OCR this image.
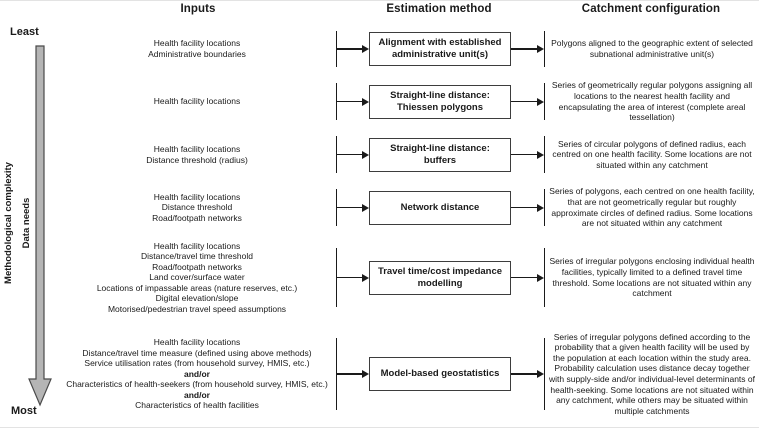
Inputs	Estimation method	Catchment configuration
Least
Most
Methodological complexity Data needs
Health facility locations
Administrative boundaries
Alignment with established administrative unit(s)
Polygons aligned to the geographic extent of selected subnational administrative unit(s)
Health facility locations
Straight-line distance: Thiessen polygons
Series of geometrically regular polygons assigning all locations to the nearest health facility and encapsulating the area of interest (complete areal tessellation)
Health facility locations
Distance threshold (radius)
Straight-line distance: buffers
Series of circular polygons of defined radius, each centred on one health facility. Some locations are not situated within any catchment
Health facility locations
Distance threshold
Road/footpath networks
Network distance
Series of polygons, each centred on one health facility, that are not geometrically regular but roughly approximate circles of defined radius. Some locations are not situated within any catchment
Health facility locations
Distance/travel time threshold
Road/footpath networks
Land cover/surface water
Locations of impassable areas (nature reserves, etc.)
Digital elevation/slope
Motorised/pedestrian travel speed assumptions
Travel time/cost impedance modelling
Series of irregular polygons enclosing individual health facilities, typically limited to a defined travel time threshold. Some locations are not situated within any catchment
Health facility locations
Distance/travel time measure (defined using above methods)
Service utilisation rates (from household survey, HMIS, etc.)
and/or
Characteristics of health-seekers (from household survey, HMIS, etc.)
and/or
Characteristics of health facilities
Model-based geostatistics
Series of irregular polygons defined according to the probability that a given health facility will be used by the population at each location within the study area. Probability calculation uses distance decay together with supply-side and/or individual-level determinants of health-seeking. Some locations are not situated within any catchment, while others may be situated within multiple catchments
